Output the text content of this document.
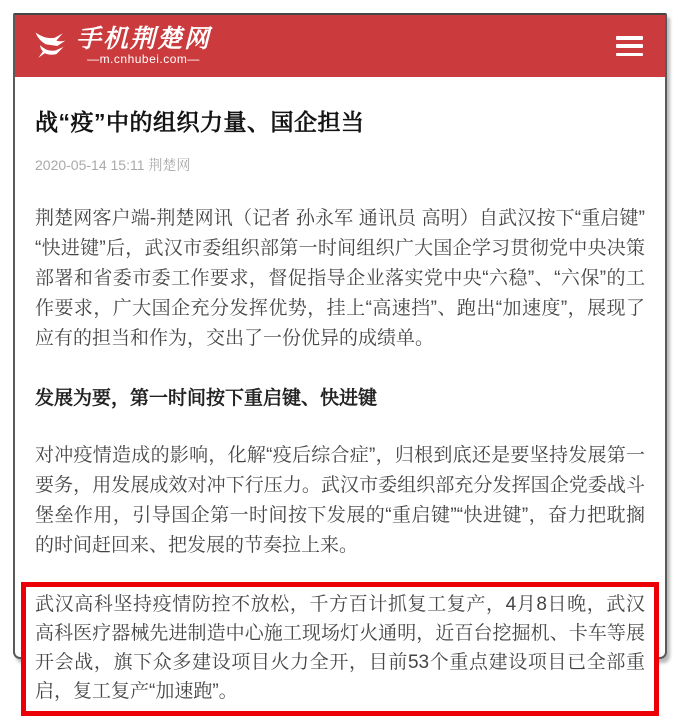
手机荆楚网
—m.cnhubei.com—
战“疫”中的组织力量、国企担当
2020-05-14 15:11 荆楚网

荆楚网客户端-荆楚网讯（记者 孙永军 通讯员 高明）自武汉按下“重启键”“快进键”后，武汉市委组织部第一时间组织广大国企学习贯彻党中央决策部署和省委市委工作要求，督促指导企业落实党中央“六稳”、“六保”的工作要求，广大国企充分发挥优势，挂上“高速挡”、跑出“加速度”，展现了应有的担当和作为，交出了一份优异的成绩单。

发展为要，第一时间按下重启键、快进键

对冲疫情造成的影响，化解“疫后综合症”，归根到底还是要坚持发展第一要务，用发展成效对冲下行压力。武汉市委组织部充分发挥国企党委战斗堡垒作用，引导国企第一时间按下发展的“重启键”“快进键”，奋力把耽搁的时间赶回来、把发展的节奏拉上来。

武汉高科坚持疫情防控不放松，千方百计抓复工复产，4月8日晚，武汉高科医疗器械先进制造中心施工现场灯火通明，近百台挖掘机、卡车等展开会战，旗下众多建设项目火力全开，目前53个重点建设项目已全部重启，复工复产“加速跑”。
